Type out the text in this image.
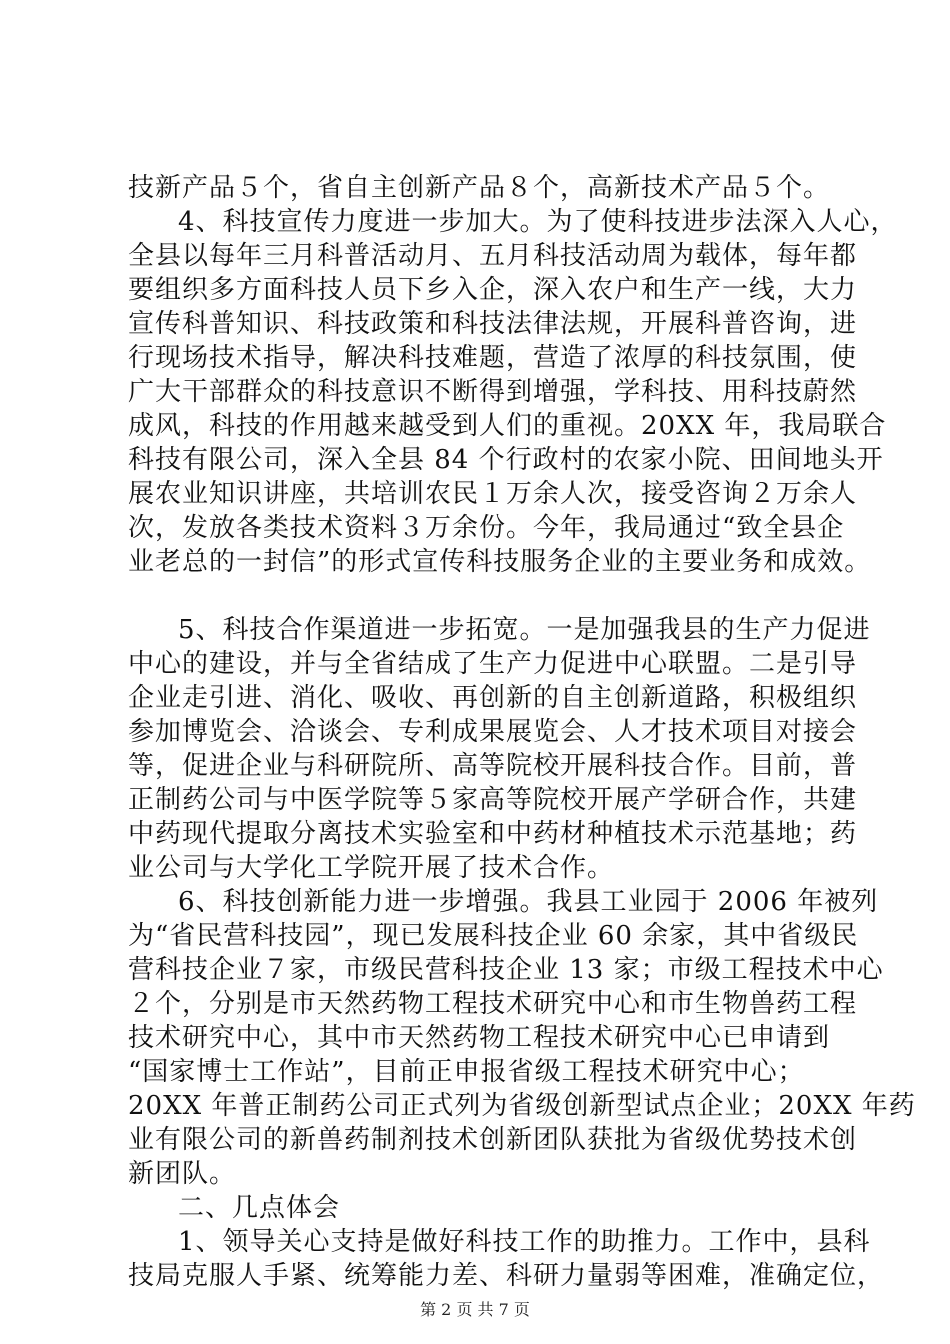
技新产品５个，省自主创新产品８个，高新技术产品５个。
4、科技宣传力度进一步加大。为了使科技进步法深入人心，
全县以每年三月科普活动月、五月科技活动周为载体，每年都
要组织多方面科技人员下乡入企，深入农户和生产一线，大力
宣传科普知识、科技政策和科技法律法规，开展科普咨询，进
行现场技术指导，解决科技难题，营造了浓厚的科技氛围，使
广大干部群众的科技意识不断得到增强，学科技、用科技蔚然
成风，科技的作用越来越受到人们的重视。20XX 年，我局联合
科技有限公司，深入全县 84 个行政村的农家小院、田间地头开
展农业知识讲座，共培训农民１万余人次，接受咨询２万余人
次，发放各类技术资料３万余份。今年，我局通过“致全县企
业老总的一封信”的形式宣传科技服务企业的主要业务和成效。
5、科技合作渠道进一步拓宽。一是加强我县的生产力促进
中心的建设，并与全省结成了生产力促进中心联盟。二是引导
企业走引进、消化、吸收、再创新的自主创新道路，积极组织
参加博览会、洽谈会、专利成果展览会、人才技术项目对接会
等，促进企业与科研院所、高等院校开展科技合作。目前，普
正制药公司与中医学院等５家高等院校开展产学研合作，共建
中药现代提取分离技术实验室和中药材种植技术示范基地；药
业公司与大学化工学院开展了技术合作。
6、科技创新能力进一步增强。我县工业园于 2006 年被列
为“省民营科技园”，现已发展科技企业 60 余家，其中省级民
营科技企业７家，市级民营科技企业 13 家；市级工程技术中心
２个，分别是市天然药物工程技术研究中心和市生物兽药工程
技术研究中心，其中市天然药物工程技术研究中心已申请到
“国家博士工作站”，目前正申报省级工程技术研究中心；
20XX 年普正制药公司正式列为省级创新型试点企业；20XX 年药
业有限公司的新兽药制剂技术创新团队获批为省级优势技术创
新团队。
第 2 页 共 7 页
二、几点体会
1、领导关心支持是做好科技工作的助推力。工作中，县科
技局克服人手紧、统筹能力差、科研力量弱等困难，准确定位，
